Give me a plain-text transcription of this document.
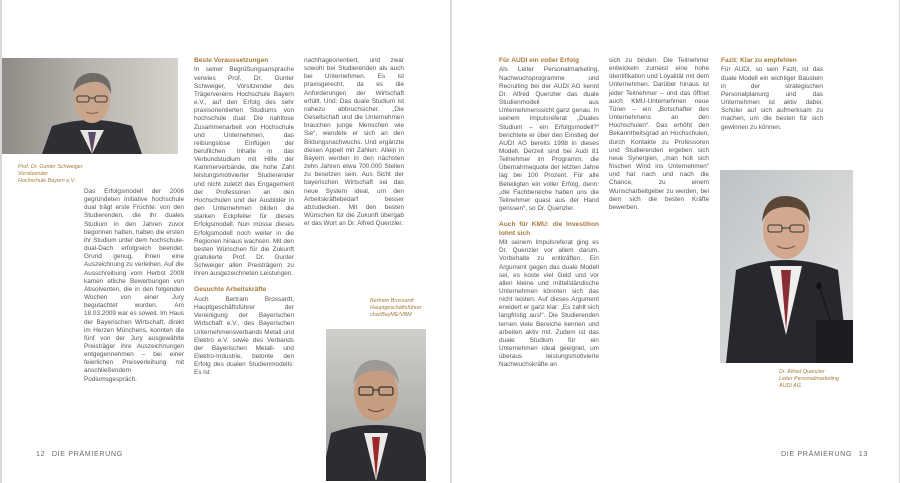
Prof. Dr. Gunter Schweiger
Vorsitzender
Hochschule Bayern e.V.

Das Erfolgsmodell der 2006 gegründeten Initiative hochschule dual trägt erste Früchte: von den Studierenden, die ihr duales Studium in den Jahren zuvor begonnen hatten, haben die ersten ihr Studium unter dem hochschule-dual-Dach erfolgreich beendet. Grund genug, ihnen eine Auszeichnung zu verleihen. Auf die Ausschreibung vom Herbst 2008 kamen etliche Bewerbungen von Absolventen, die in den folgenden Wochen von einer Jury begutachtet wurden. Am 18.03.2009 war es soweit. Im Haus der Bayerischen Wirtschaft, direkt im Herzen Münchens, konnten die fünf von der Jury ausgewählte Preisträger ihre Auszeichnungen entgegennehmen – bei einer feierlichen Preisverleihung mit anschließendem Podiumsgespräch.

Beste Voraussetzungen

In seiner Begrüßungsansprache verwies Prof. Dr. Gunter Schweiger, Vorsitzender des Trägervereins Hochschule Bayern e.V., auf den Erfolg des sehr praxisorientierten Studiums von hochschule dual: Die nahtlose Zusammenarbeit von Hochschule und Unternehmen, das reibungslose Einfügen der beruflichen Inhalte in das Verbundstudium mit Hilfe der Kammerverbände, die hohe Zahl leistungsmotivierter Studierender und nicht zuletzt das Engagement der Professoren an den Hochschulen und der Ausbilder in den Unternehmen bilden die starken Eckpfeiler für dieses Erfolgsmodell. Nun müsse dieses Erfolgsmodell noch weiter in die Regionen hinaus wachsen. Mit den besten Wünschen für die Zukunft gratulierte Prof. Dr. Gunter Schweiger allen Preisträgern zu ihren ausgezeichneten Leistungen.

Gesuchte Arbeitskräfte

Auch Bertram Brossardt, Hauptgeschäftsführer der Vereinigung der Bayerischen Wirtschaft e.V., des Bayerischen Unternehmensverbands Metall und Elektro e.V. sowie des Verbands der Bayerischen Metall- und Elektro-Industrie, betonte den Erfolg des dualen Studienmodells: Es ist

nachfrageorientiert, und zwar sowohl bei Studierenden als auch bei Unternehmen. Es ist praxisgerecht, da es die Anforderungen der Wirtschaft erfüllt. Und: Das duale Studium ist nahezu abbruchsicher. „Die Gesellschaft und die Unternehmen brauchen junge Menschen wie Sie“, wendete er sich an den Bildungsnachwuchs. Und ergänzte diesen Appell mit Zahlen: Allein in Bayern werden in den nächsten zehn Jahren etwa 700.000 Stellen zu besetzen sein. Aus Sicht der bayerischen Wirtschaft sei das neue System ideal, um den Arbeitskräftebedarf besser abzudecken. Mit den besten Wünschen für die Zukunft übergab er das Wort an Dr. Alfred Quenzler.

Bertram Brossardt
Hauptgeschäftsführer
vbw/BayME/VBM
12 DIE PRÄMIERUNG
Für AUDI ein voller Erfolg

Als Leiter Personalmarketing, Nachwuchsprogramme und Recruiting bei der AUDI AG kennt Dr. Alfred Quenzler das duale Studienmodell aus Unternehmenssicht ganz genau. In seinem Impulsreferat „Duales Studium – ein Erfolgsmodell?“ berichtete er über den Einstieg der AUDI AG bereits 1998 in dieses Modell. Derzeit sind bei Audi 81 Teilnehmer im Programm, die Übernahmequote der letzten Jahre lag bei 100 Prozent. Für alle Beteiligten ein voller Erfolg, denn: „die Fachbereiche haben uns die Teilnehmer quasi aus der Hand gerissen“, so Dr. Quenzler.

Auch für KMU: die Investition lohnt sich

Mit seinem Impulsreferat ging es Dr. Quenzler vor allem darum, Vorbehalte zu entkräften. Ein Argument gegen das duale Modell sei, es koste viel Geld und vor allen kleine und mittelständische Unternehmen könnten sich das nicht leisten. Auf dieses Argument erwidert er ganz klar: „Es zahlt sich langfristig aus!“. Die Studierenden lernen viele Bereiche kennen und arbeiten aktiv mit. Zudem ist das duale Studium für ein Unternehmen ideal geeignet, um überaus leistungsmotivierte Nachwuchskräfte an

sich zu binden. Die Teilnehmer entwickeln zumeist eine hohe Identifikation und Loyalität mit dem Unternehmen. Darüber hinaus ist jeder Teilnehmer – und das öffnet auch KMU-Unternehmen neue Türen – ein „Botschafter des Unternehmens an den Hochschulen“. Das erhöht den Bekanntheitsgrad an Hochschulen, durch Kontakte zu Professoren und Studierenden ergeben sich neue Synergien, „man holt sich frischen Wind ins Unternehmen“ und hat nach und nach die Chance, zu einem Wunscharbeitgeber zu werden, bei dem sich die besten Kräfte bewerben.

Fazit: Klar zu empfehlen

Für AUDI, so sein Fazit, ist das duale Modell ein wichtiger Baustein in der strategischen Personalplanung und das Unternehmen ist aktiv dabei, Schüler auf sich aufmerksam zu machen, um die besten für sich gewinnen zu können.

Dr. Alfred Quenzler
Leiter Personalmarketing
AUDI AG
DIE PRÄMIERUNG 13
